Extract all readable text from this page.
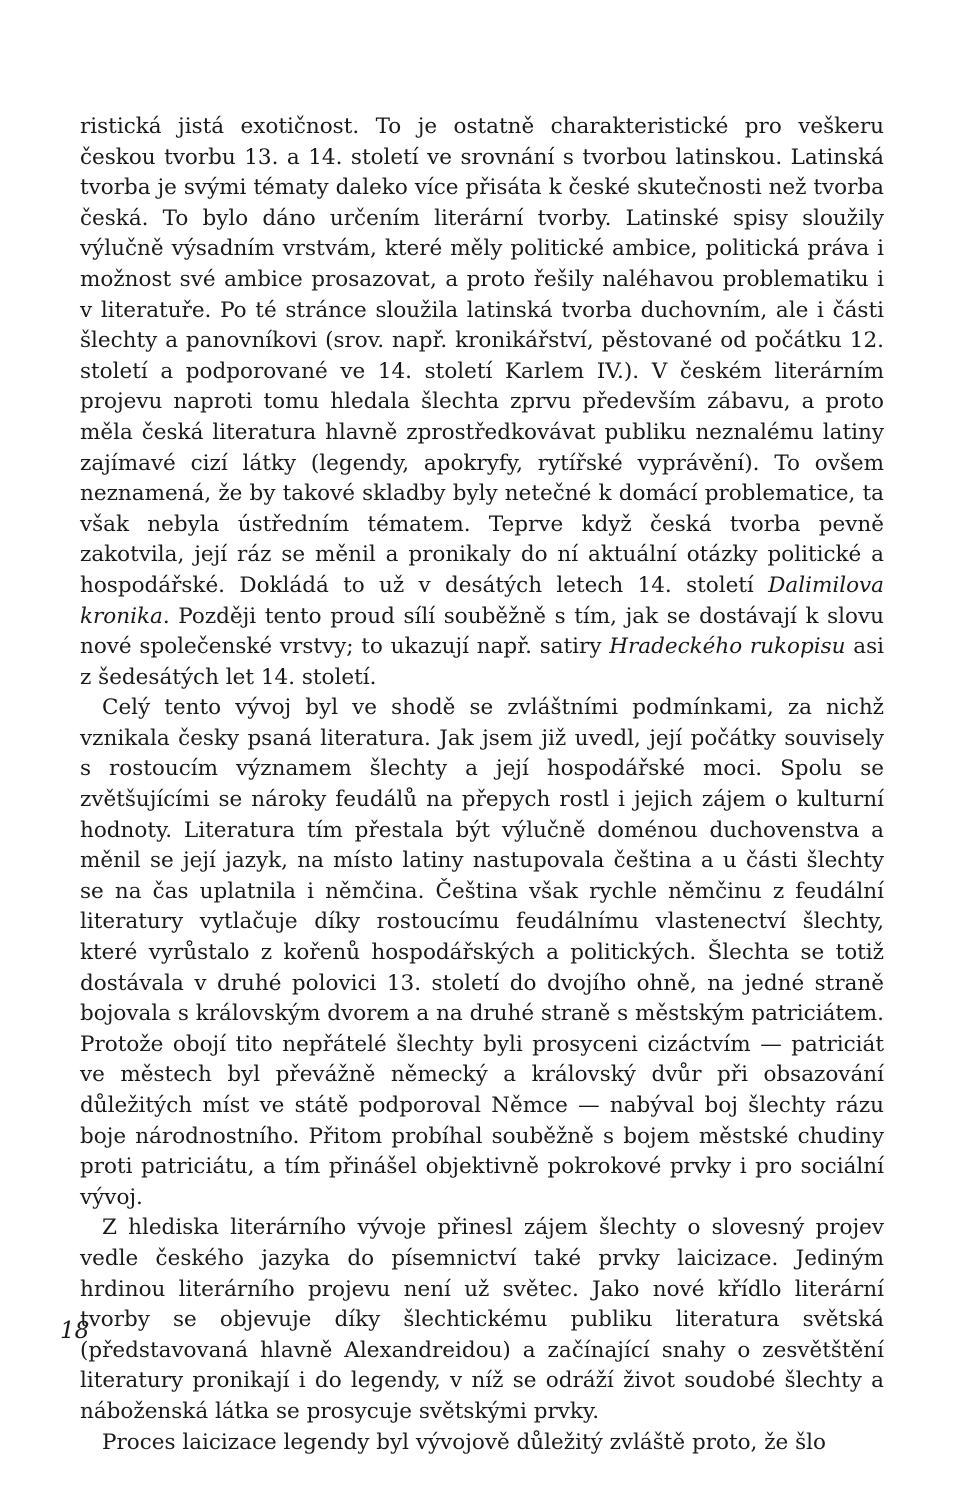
ristická jistá exotičnost. To je ostatně charakteristické pro veškeru českou tvorbu 13. a 14. století ve srovnání s tvorbou latinskou. Latinská tvorba je svými tématy daleko více přisáta k české skutečnosti než tvorba česká. To bylo dáno určením literární tvorby. Latinské spisy sloužily výlučně výsadním vrstvám, které měly politické ambice, politická práva i možnost své ambice prosazovat, a proto řešily naléhavou problematiku i v literatuře. Po té stránce sloužila latinská tvorba duchovním, ale i části šlechty a panovníkovi (srov. např. kronikářství, pěstované od počátku 12. století a podporované ve 14. století Karlem IV.). V českém literárním projevu naproti tomu hledala šlechta zprvu především zábavu, a proto měla česká literatura hlavně zprostředkovávat publiku neznalému latiny zajímavé cizí látky (legendy, apokryfy, rytířské vyprávění). To ovšem neznamená, že by takové skladby byly netečné k domácí problematice, ta však nebyla ústředním tématem. Teprve když česká tvorba pevně zakotvila, její ráz se měnil a pronikaly do ní aktuální otázky politické a hospodářské. Dokládá to už v desátých letech 14. století Dalimilova kronika. Později tento proud sílí souběžně s tím, jak se dostávají k slovu nové společenské vrstvy; to ukazují např. satiry Hradeckého rukopisu asi z šedesátých let 14. století.

Celý tento vývoj byl ve shodě se zvláštními podmínkami, za nichž vznikala česky psaná literatura. Jak jsem již uvedl, její počátky souvisely s rostoucím významem šlechty a její hospodářské moci. Spolu se zvětšujícími se nároky feudálů na přepych rostl i jejich zájem o kulturní hodnoty. Literatura tím přestala být výlučně doménou duchovenstva a měnil se její jazyk, na místo latiny nastupovala čeština a u části šlechty se na čas uplatnila i němčina. Čeština však rychle němčinu z feudální literatury vytlačuje díky rostoucímu feudálnímu vlastenectví šlechty, které vyrůstalo z kořenů hospodářských a politických. Šlechta se totiž dostávala v druhé polovici 13. století do dvojího ohně, na jedné straně bojovala s královským dvorem a na druhé straně s městským patriciátem. Protože obojí tito nepřátelé šlechty byli prosyceni cizáctvím — patriciát ve městech byl převážně německý a královský dvůr při obsazování důležitých míst ve státě podporoval Němce — nabýval boj šlechty rázu boje národnostního. Přitom probíhal souběžně s bojem městské chudiny proti patriciátu, a tím přinášel objektivně pokrokové prvky i pro sociální vývoj.

Z hlediska literárního vývoje přinesl zájem šlechty o slovesný projev vedle českého jazyka do písemnictví také prvky laicizace. Jediným hrdinou literárního projevu není už světec. Jako nové křídlo literární tvorby se objevuje díky šlechtickému publiku literatura světská (představovaná hlavně Alexandreidou) a začínající snahy o zesvětštění literatury pronikají i do legendy, v níž se odráží život soudobé šlechty a náboženská látka se prosycuje světskými prvky.

Proces laicizace legendy byl vývojově důležitý zvláště proto, že šlo

18
